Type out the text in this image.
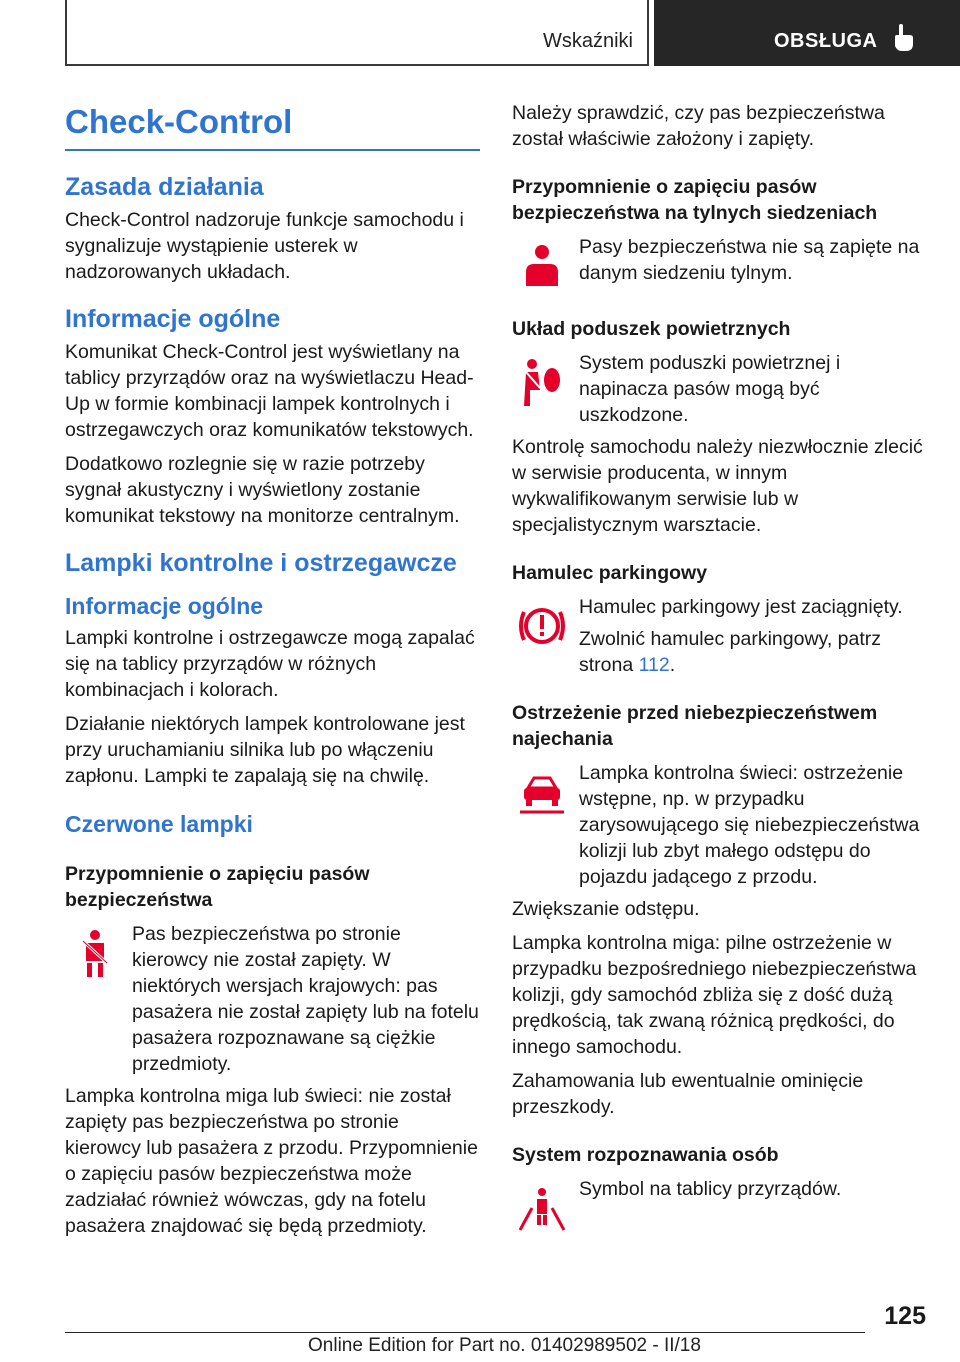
Wskaźniki	OBSŁUGA
Check-Control
Zasada działania

Check-Control nadzoruje funkcje samochodu i sygnalizuje wystąpienie usterek w nadzorowanych układach.

Informacje ogólne

Komunikat Check-Control jest wyświetlany na tablicy przyrządów oraz na wyświetlaczu Head-Up w formie kombinacji lampek kontrolnych i ostrzegawczych oraz komunikatów tekstowych.

Dodatkowo rozlegnie się w razie potrzeby sygnał akustyczny i wyświetlony zostanie komunikat tekstowy na monitorze centralnym.

Lampki kontrolne i ostrzegawcze
Informacje ogólne

Lampki kontrolne i ostrzegawcze mogą zapalać się na tablicy przyrządów w różnych kombinacjach i kolorach.

Działanie niektórych lampek kontrolowane jest przy uruchamianiu silnika lub po włączeniu zapłonu. Lampki te zapalają się na chwilę.

Czerwone lampki
Przypomnienie o zapięciu pasów bezpieczeństwa

Pas bezpieczeństwa po stronie kierowcy nie został zapięty. W niektórych wersjach krajowych: pas pasażera nie został zapięty lub na fotelu pasażera rozpoznawane są ciężkie przedmioty.

Lampka kontrolna miga lub świeci: nie został zapięty pas bezpieczeństwa po stronie kierowcy lub pasażera z przodu. Przypomnienie o zapięciu pasów bezpieczeństwa może zadziałać również wówczas, gdy na fotelu pasażera znajdować się będą przedmioty.

Należy sprawdzić, czy pas bezpieczeństwa został właściwie założony i zapięty.

Przypomnienie o zapięciu pasów bezpieczeństwa na tylnych siedzeniach

Pasy bezpieczeństwa nie są zapięte na danym siedzeniu tylnym.

Układ poduszek powietrznych

System poduszki powietrznej i napinacza pasów mogą być uszkodzone.

Kontrolę samochodu należy niezwłocznie zlecić w serwisie producenta, w innym wykwalifikowanym serwisie lub w specjalistycznym warsztacie.

Hamulec parkingowy

Hamulec parkingowy jest zaciągnięty.

Zwolnić hamulec parkingowy, patrz strona 112.

Ostrzeżenie przed niebezpieczeństwem najechania

Lampka kontrolna świeci: ostrzeżenie wstępne, np. w przypadku zarysowującego się niebezpieczeństwa kolizji lub zbyt małego odstępu do pojazdu jadącego z przodu.

Zwiększanie odstępu.

Lampka kontrolna miga: pilne ostrzeżenie w przypadku bezpośredniego niebezpieczeństwa kolizji, gdy samochód zbliża się z dość dużą prędkością, tak zwaną różnicą prędkości, do innego samochodu.

Zahamowania lub ewentualnie ominięcie przeszkody.

System rozpoznawania osób

Symbol na tablicy przyrządów.

125
Online Edition for Part no. 01402989502 - II/18
